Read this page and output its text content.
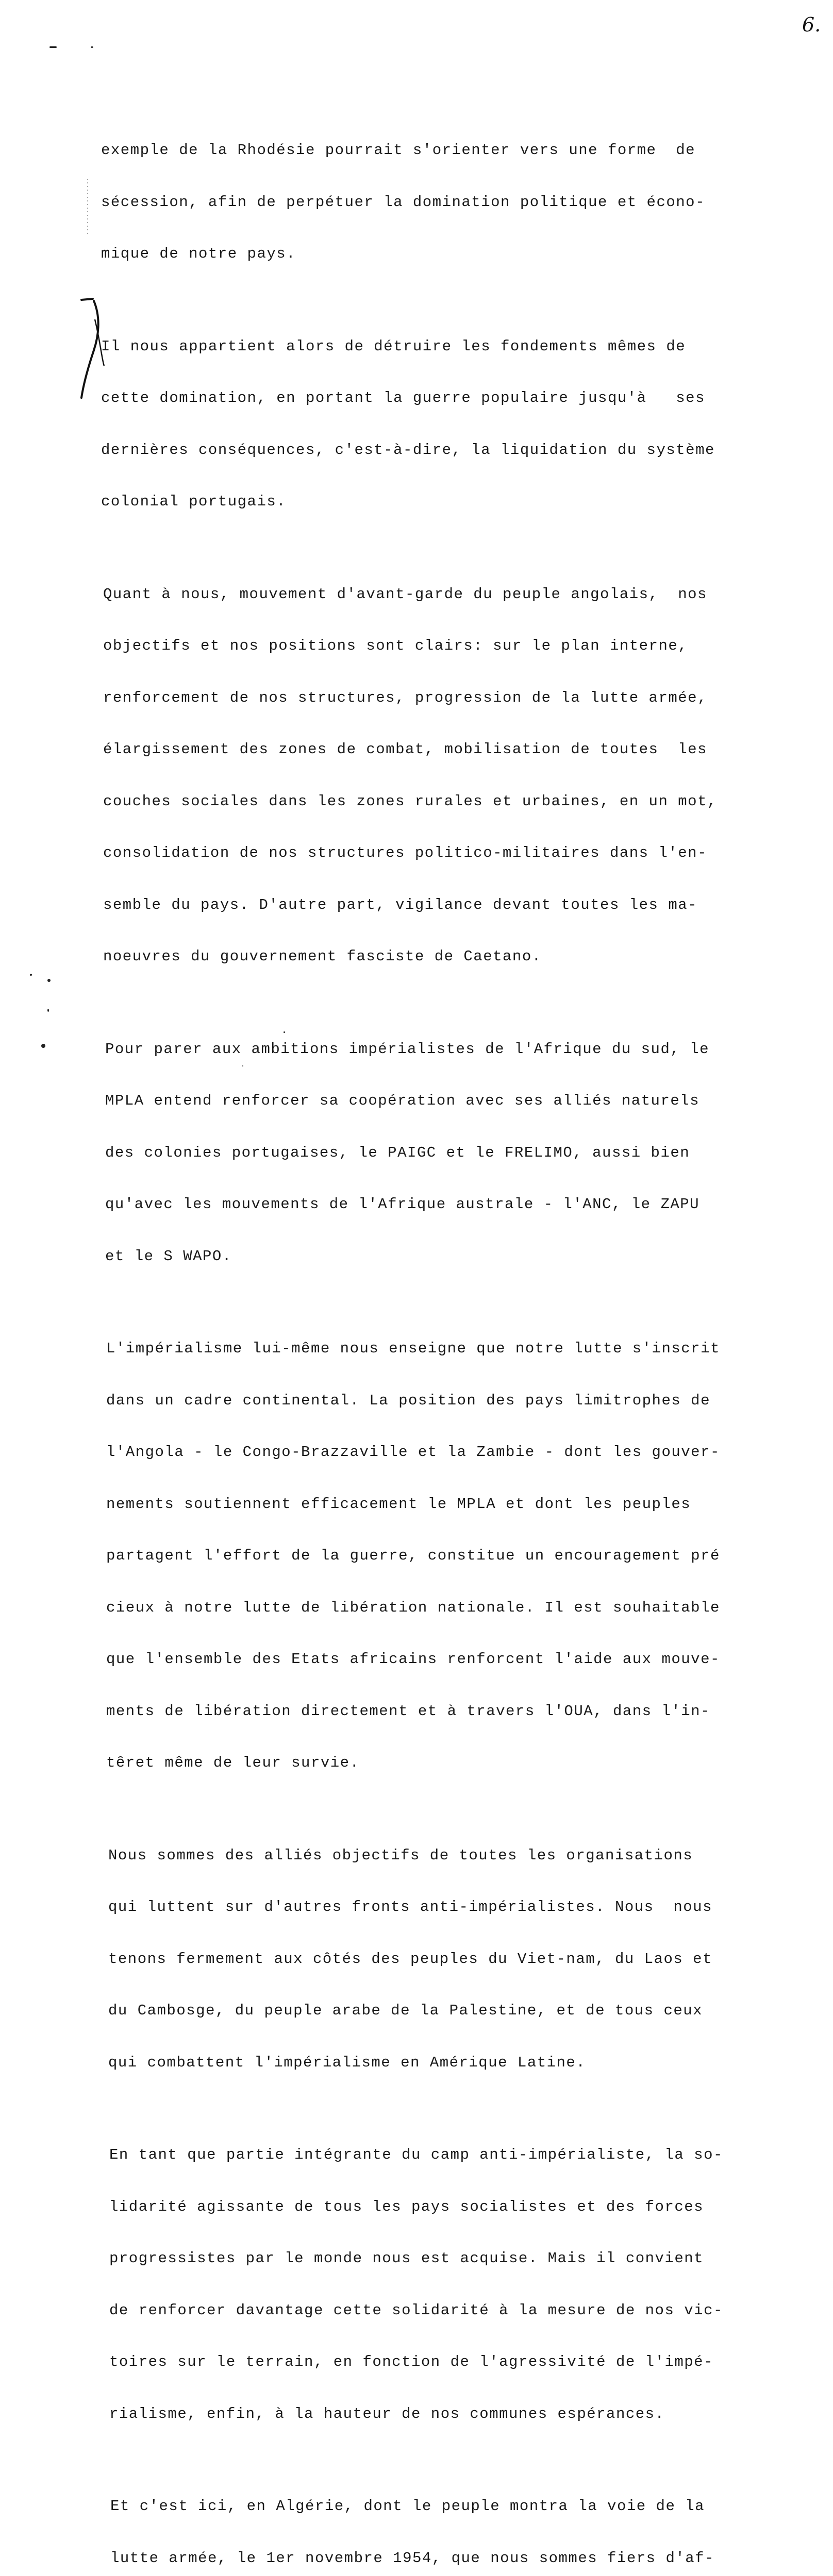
6.

exemple de la Rhodésie pourrait s'orienter vers une forme  de

sécession, afin de perpétuer la domination politique et écono-

mique de notre pays.

Il nous appartient alors de détruire les fondements mêmes de

cette domination, en portant la guerre populaire jusqu'à   ses

dernières conséquences, c'est-à-dire, la liquidation du système

colonial portugais.

Quant à nous, mouvement d'avant-garde du peuple angolais,  nos

objectifs et nos positions sont clairs: sur le plan interne,

renforcement de nos structures, progression de la lutte armée,

élargissement des zones de combat, mobilisation de toutes  les

couches sociales dans les zones rurales et urbaines, en un mot,

consolidation de nos structures politico-militaires dans l'en-

semble du pays. D'autre part, vigilance devant toutes les ma-

noeuvres du gouvernement fasciste de Caetano.

Pour parer aux ambitions impérialistes de l'Afrique du sud, le

MPLA entend renforcer sa coopération avec ses alliés naturels

des colonies portugaises, le PAIGC et le FRELIMO, aussi bien

qu'avec les mouvements de l'Afrique australe - l'ANC, le ZAPU

et le S WAPO.

L'impérialisme lui-même nous enseigne que notre lutte s'inscrit

dans un cadre continental. La position des pays limitrophes de

l'Angola - le Congo-Brazzaville et la Zambie - dont les gouver-

nements soutiennent efficacement le MPLA et dont les peuples

partagent l'effort de la guerre, constitue un encouragement pré

cieux à notre lutte de libération nationale. Il est souhaitable

que l'ensemble des Etats africains renforcent l'aide aux mouve-

ments de libération directement et à travers l'OUA, dans l'in-

têret même de leur survie.

Nous sommes des alliés objectifs de toutes les organisations

qui luttent sur d'autres fronts anti-impérialistes. Nous  nous

tenons fermement aux côtés des peuples du Viet-nam, du Laos et

du Cambosge, du peuple arabe de la Palestine, et de tous ceux

qui combattent l'impérialisme en Amérique Latine.

En tant que partie intégrante du camp anti-impérialiste, la so-

lidarité agissante de tous les pays socialistes et des forces

progressistes par le monde nous est acquise. Mais il convient

de renforcer davantage cette solidarité à la mesure de nos vic-

toires sur le terrain, en fonction de l'agressivité de l'impé-

rialisme, enfin, à la hauteur de nos communes espérances.

Et c'est ici, en Algérie, dont le peuple montra la voie de la

lutte armée, le 1er novembre 1954, que nous sommes fiers d'af-
